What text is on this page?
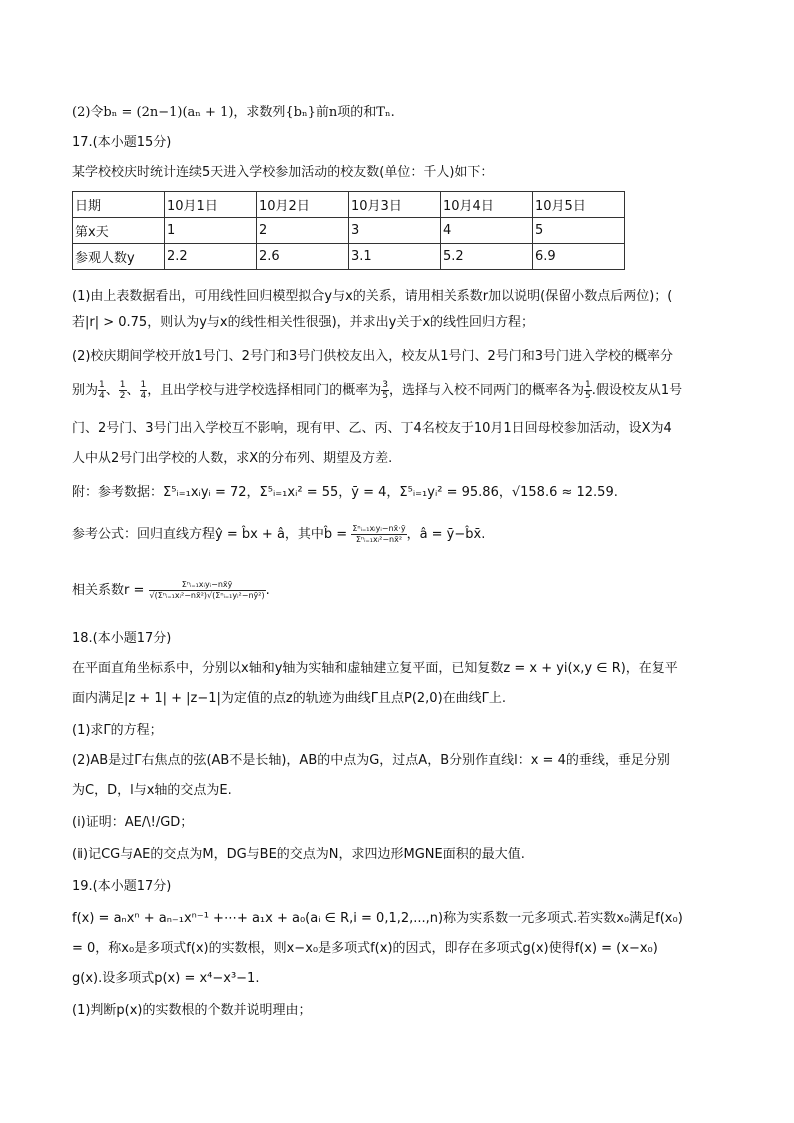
(2)令bₙ = (2n−1)(aₙ + 1)，求数列{bₙ}前n项的和Tₙ.
17.(本小题15分)
某学校校庆时统计连续5天进入学校参加活动的校友数(单位：千人)如下：
日期	10月1日	10月2日	10月3日	10月4日	10月5日
第x天	1	2	3	4	5
参观人数y	2.2	2.6	3.1	5.2	6.9
(1)由上表数据看出，可用线性回归模型拟合y与x的关系，请用相关系数r加以说明(保留小数点后两位)；(
若|r| > 0.75，则认为y与x的线性相关性很强)，并求出y关于x的线性回归方程；
(2)校庆期间学校开放1号门、2号门和3号门供校友出入，校友从1号门、2号门和3号门进入学校的概率分
别为 $\frac{1}{4}$ 、 $\frac{1}{2}$ 、 $\frac{1}{4}$ ，且出学校与进学校选择相同门的概率为 $\frac{3}{5}$ ，选择与入校不同两门的概率各为 $\frac{1}{5}$ .假设校友从1号
门、2号门、3号门出入学校互不影响，现有甲、乙、丙、丁4名校友于10月1日回母校参加活动，设X为4
人中从2号门出学校的人数，求X的分布列、期望及方差.
附：参考数据：Σ⁵ᵢ₌₁xᵢyᵢ = 72，Σ⁵ᵢ₌₁xᵢ² = 55，ȳ = 4，Σ⁵ᵢ₌₁yᵢ² = 95.86，√158.6 ≈ 12.59.
参考公式：回归直线方程ŷ = b̂x + â，其中b̂ = $\frac{\text{Σⁿᵢ₌₁xᵢyᵢ−nx̄·ȳ}}{\text{Σⁿᵢ₌₁xᵢ²−nx̄²}}$ ，â = ȳ−b̂x̄.
相关系数$r = \frac{\text{Σⁿᵢ₌₁xᵢyᵢ−nx̄ȳ}}{\text{√(Σⁿᵢ₌₁xᵢ²−nx̄²)√(Σⁿᵢ₌₁yᵢ²−nȳ²)}}$ .
18.(本小题17分)
在平面直角坐标系中，分别以x轴和y轴为实轴和虚轴建立复平面，已知复数z = x + yi(x,y ∈ R)，在复平
面内满足|z + 1| + |z−1|为定值的点z的轨迹为曲线Γ且点P(2,0)在曲线Γ上.
(1)求Γ的方程；
(2)AB是过Γ右焦点的弦(AB不是长轴)，AB的中点为G，过点A，B分别作直线l：x = 4的垂线，垂足分别
为C，D，l与x轴的交点为E.
(ⅰ)证明：AE/\!/GD；
(ⅱ)记CG与AE的交点为M，DG与BE的交点为N，求四边形MGNE面积的最大值.
19.(本小题17分)
f(x) = aₙxⁿ + aₙ₋₁xⁿ⁻¹ +⋯+ a₁x + a₀(aᵢ ∈ R,i = 0,1,2,...,n)称为实系数一元多项式.若实数x₀满足f(x₀)
= 0，称x₀是多项式f(x)的实数根，则x−x₀是多项式f(x)的因式，即存在多项式g(x)使得f(x) = (x−x₀)
g(x).设多项式p(x) = x⁴−x³−1.
(1)判断p(x)的实数根的个数并说明理由；
